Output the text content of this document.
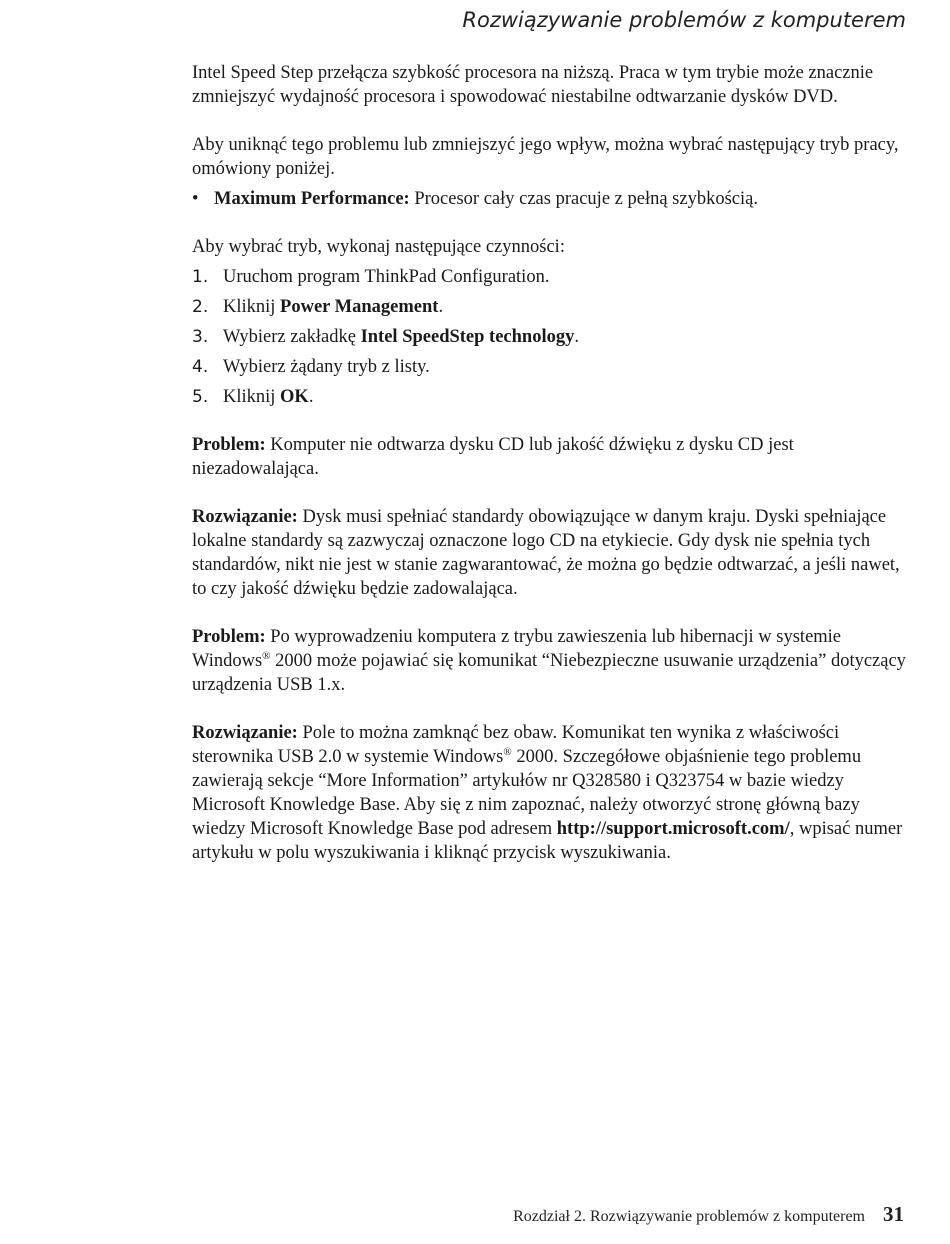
Rozwiązywanie problemów z komputerem

Intel Speed Step przełącza szybkość procesora na niższą. Praca w tym trybie może znacznie zmniejszyć wydajność procesora i spowodować niestabilne odtwarzanie dysków DVD.

Aby uniknąć tego problemu lub zmniejszyć jego wpływ, można wybrać następujący tryb pracy, omówiony poniżej.

• Maximum Performance: Procesor cały czas pracuje z pełną szybkością.

Aby wybrać tryb, wykonaj następujące czynności:

1. Uruchom program ThinkPad Configuration.
2. Kliknij Power Management.
3. Wybierz zakładkę Intel SpeedStep technology.
4. Wybierz żądany tryb z listy.
5. Kliknij OK.

Problem: Komputer nie odtwarza dysku CD lub jakość dźwięku z dysku CD jest niezadowalająca.

Rozwiązanie: Dysk musi spełniać standardy obowiązujące w danym kraju. Dyski spełniające lokalne standardy są zazwyczaj oznaczone logo CD na etykiecie. Gdy dysk nie spełnia tych standardów, nikt nie jest w stanie zagwarantować, że można go będzie odtwarzać, a jeśli nawet, to czy jakość dźwięku będzie zadowalająca.

Problem: Po wyprowadzeniu komputera z trybu zawieszenia lub hibernacji w systemie Windows® 2000 może pojawiać się komunikat “Niebezpieczne usuwanie urządzenia” dotyczący urządzenia USB 1.x.

Rozwiązanie: Pole to można zamknąć bez obaw. Komunikat ten wynika z właściwości sterownika USB 2.0 w systemie Windows® 2000. Szczegółowe objaśnienie tego problemu zawierają sekcje “More Information” artykułów nr Q328580 i Q323754 w bazie wiedzy Microsoft Knowledge Base. Aby się z nim zapoznać, należy otworzyć stronę główną bazy wiedzy Microsoft Knowledge Base pod adresem http://support.microsoft.com/, wpisać numer artykułu w polu wyszukiwania i kliknąć przycisk wyszukiwania.

Rozdział 2. Rozwiązywanie problemów z komputerem 31
